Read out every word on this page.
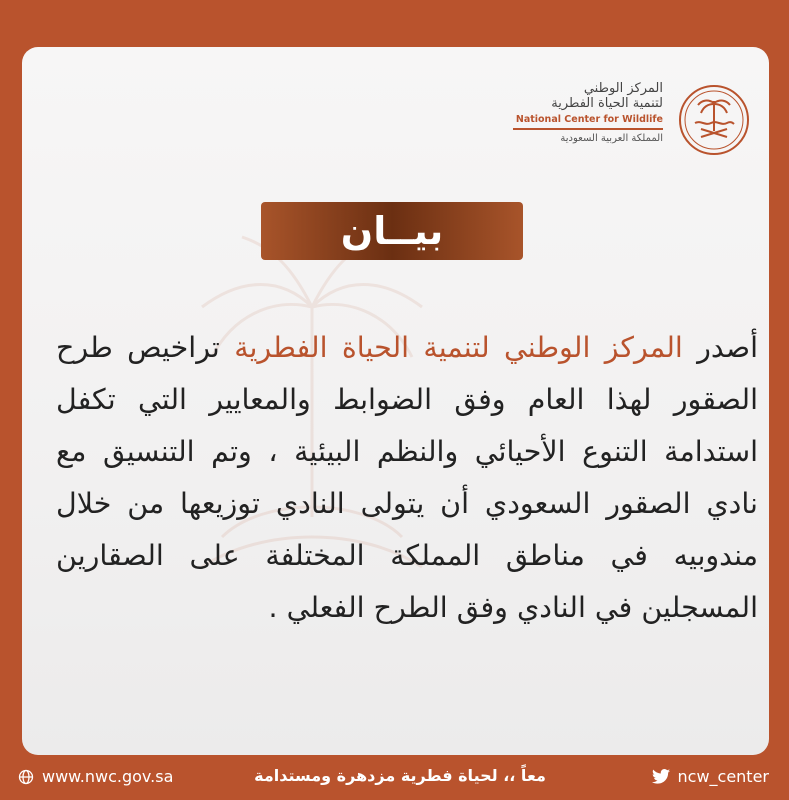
المركز الوطني
لتنمية الحياة الفطرية
National Center for Wildlife
المملكة العربية السعودية
بيــان
أصدر المركز الوطني لتنمية الحياة الفطرية تراخيص طرح الصقور لهذا العام وفق الضوابط والمعايير التي تكفل استدامة التنوع الأحيائي والنظم البيئية ، وتم التنسيق مع نادي الصقور السعودي أن يتولى النادي توزيعها من خلال مندوبيه في مناطق المملكة المختلفة على الصقارين المسجلين في النادي وفق الطرح الفعلي .
www.nwc.gov.sa	معاً ،، لحياة فطرية مزدهرة ومستدامة	ncw_center
